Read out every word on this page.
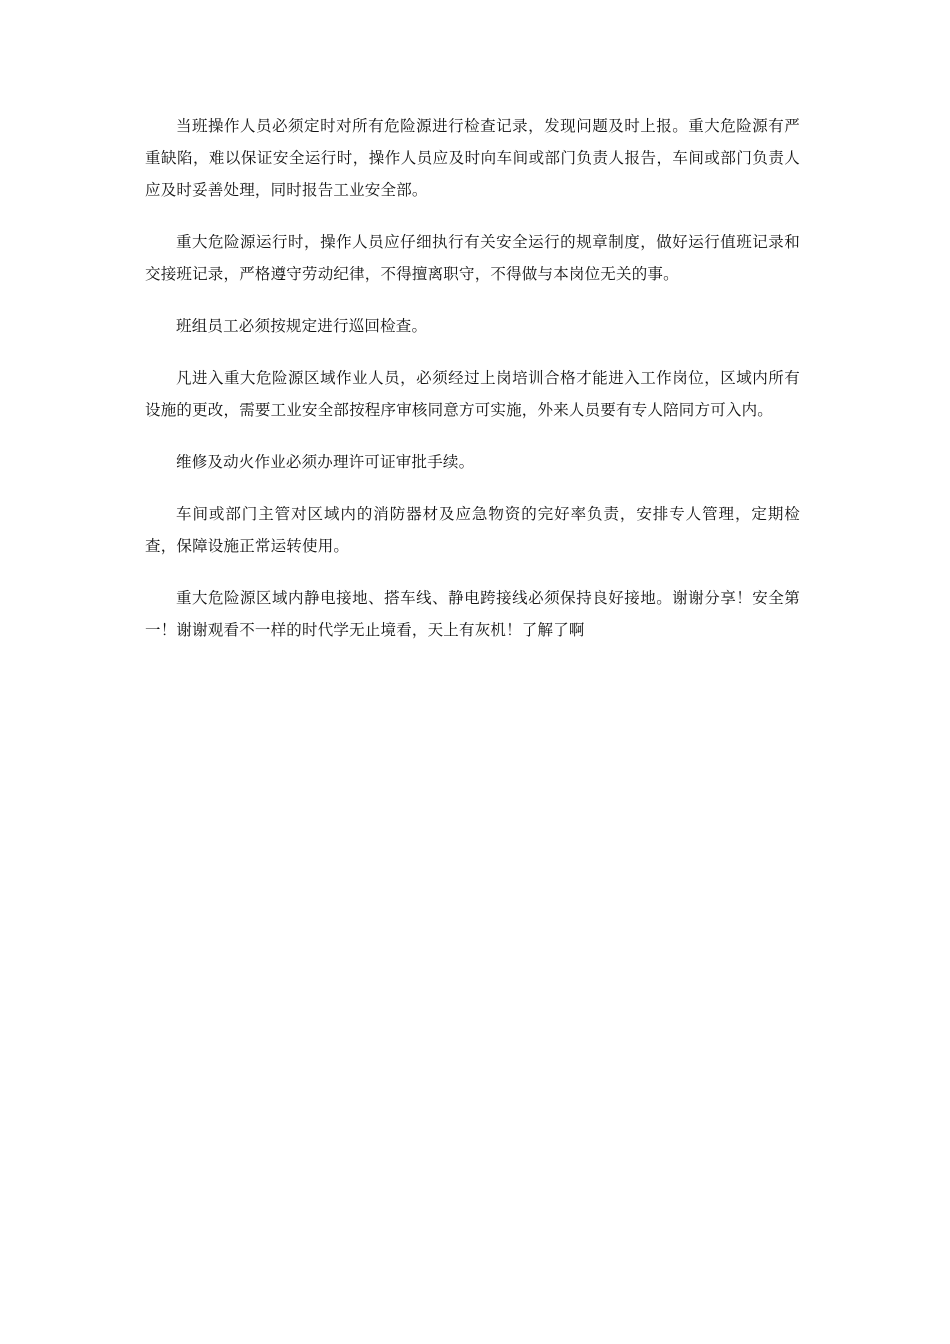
当班操作人员必须定时对所有危险源进行检查记录，发现问题及时上报。重大危险源有严重缺陷，难以保证安全运行时，操作人员应及时向车间或部门负责人报告，车间或部门负责人应及时妥善处理，同时报告工业安全部。

重大危险源运行时，操作人员应仔细执行有关安全运行的规章制度，做好运行值班记录和交接班记录，严格遵守劳动纪律，不得擅离职守，不得做与本岗位无关的事。

班组员工必须按规定进行巡回检查。

凡进入重大危险源区域作业人员，必须经过上岗培训合格才能进入工作岗位，区域内所有设施的更改，需要工业安全部按程序审核同意方可实施，外来人员要有专人陪同方可入内。

维修及动火作业必须办理许可证审批手续。

车间或部门主管对区域内的消防器材及应急物资的完好率负责，安排专人管理，定期检查，保障设施正常运转使用。

重大危险源区域内静电接地、搭车线、静电跨接线必须保持良好接地。谢谢分享！安全第一！谢谢观看不一样的时代学无止境看，天上有灰机！了解了啊
